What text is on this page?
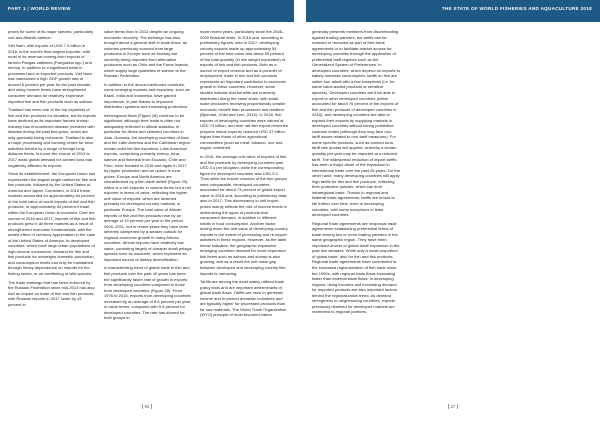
PART 1 | WORLD REVIEW	THE STATE OF WORLD FISHERIES AND AQUACULTURE 2018

prices for some of its major species, particularly cod and Atlantic salmon.

Viet Nam, with exports of USD 7.3 billion in 2016, is the world's third largest exporter, with most of its revenue coming from exports of farmed Pangas catfishes (Pangasius spp.) and shrimp, in addition to a significant trade in processed and re-exported products. Viet Nam has maintained a high GDP growth rate of around 6 percent per year for the past decade, and rising income levels have strengthened consumer demand for relatively expensive imported fish and fish products such as salmon.

Thailand has been one of the top exporters of fish and fish products for decades, but its exports have declined as its important farmed shrimp industry has encountered disease problems with disease during the past few years, which are only gradually being overcome. Thailand is also a major processing and canning centre for tuna, activities funded by a range of foreign long-distance fleets, but over the course of 2013 to 2017 weak global demand for canned tuna has negatively affected its exports.

Since its establishment, the European Union has represented the largest single market for fish and fish products, followed by the United States of America and Japan. Combined, in 2016 these markets accounted for approximately 64 percent of the total value of world imports of fish and fish products, or approximately 54 percent if trade within the European Union is excluded. Over the course of 2016 and 2017, imports of fish and fish products grew in all three markets as a result of strengthened economic fundamentals, with the added effect of currency appreciation in the case of the United States of America. In developed countries, which have large urban populations of high-income consumers, demand for fish and fish products for outweighs domestic production, and consumption levels can only be maintained through heavy dependence on imports for the fishing sector, or on overfishing of wild species.

The trade embargo that has been enforced by the Russian Federation since mid-2014 has also had an impact on trade of fish and fish products, with Russian imports in 2017 lower by 43 percent in

value terms than in 2013 despite an ongoing economic recovery. The embargo has also brought about a general shift in trade flows, as volumes previously sourced from large producers in Europe such as Norway are currently being imported from alternative producers such as Chile and the Faroe Islands, which supply large quantities of salmon to the Russian Federation.

In addition to the above-mentioned countries, some emerging markets and exporters, such as Brazil, India and Indonesia, have gained importance, in part thanks to improved distribution systems and increasing production.

Interregional flows (Figure 28) continue to be significant, although their trade is often not adequately reflected in official statistics, in particular for Africa and selected countries in Asia. Oceania, the developing countries of Asia and the Latin America and the Caribbean region remain solid net fish exporters. Latin American exports, comprising primarily shrimp, tuna, salmon and fishmeal from Ecuador, Chile and Peru, were boosted in 2016 and again in 2017 by higher production and an upturn in tuna prices. Europe and North America are characterized by a fish trade deficit (Figure 29). Africa is a net importer in volume terms but a net exporter in terms of value, reflecting the higher unit value of exports, which are destined primarily for developed country markets, in particular Europe. The total value of African imports of fish and fish products rose by an average of 19 percent per year in the period 2000–2011, but in recent years they have been severely dampened by a weaker outlook for regional economic growth in many African countries. African imports have relatively low value, consisting largely of cheaper small pelagic species such as mackerel, which represent an important source of dietary diversification.

A characterizing trend of global trade in fish and fish products over the past 40 years has been the significantly faster rate of growth in exports from developing countries compared to those from developed countries (Figure 28). From 1976 to 2016, exports from developing countries increased by an average of 8.6 percent per year, in value terms, compared with 5.6 percent for developed countries. The rate has slowed for both groups in

more recent years, particularly since the 2008–2009 financial crisis. In 2016 and, according to preliminary figures, also in 2017, developing country exports made up approximately 54 percent of the total value and about 59 percent of the total quantity (in live weight equivalent) of exports of fish and fish products. Both as a source of export revenue and as a provider of employment, trade in fish and fish products represents an important contributor to economic growth in these countries. However, some studies indicate that benefits are unevenly distributed along the value chain, with small-scale producers receiving proportionally smaller economic benefit than processors and retailers (Bjorndal, Child and Lem, 2014). In 2016, fish exports of developing countries were valued at USD 74 billion, and their net fish export revenues (exports minus imports) reached USD 37 billion, higher than those of other agricultural commodities (such as meat, tobacco, rice and sugar) combined.

In 2016, the average unit value of imports of fish and fish products by developing countries was USD 3.4 per kilogram, while the corresponding figure for developed countries was USD 5.1. Thus while the import volumes of the two groups were comparable, developed countries accounted for about 73 percent of global import value in 2016 and, according to preliminary data, also in 2017. This discrepancy in unit import prices mainly reflects the role of income levels in determining the types of products that consumers demand, in addition to different habits in food consumption. Another factor driving down the unit value of developing-country imports is the extent of processing and re-export activities in these regions. However, as the table below indicates, the geographic expansion emerging countries demand for more expensive fish items such as salmon and shrimp is also growing, and as a result the unit value gap between developed and developing country fish imports is narrowing.

Tariffs are among the most widely utilized trade policy tools and are important determinants of global trade flows. Tariffs are used to generate income and to protect domestic industries and are typically higher for processed products than for raw materials. The World Trade Organization (WTO) principle of most-favoured nation

generally presents members from discriminating against trading partners, but tariffs can be reduced or removed as part of free-trade agreements or to facilitate market access for developing countries through the application of preferential tariff regimes such as the Generalized System of Preferences. In developed countries, which depend on imports to satisfy domestic consumption, tariffs on fish are rather low, albeit with a few exceptions (i.e. for some value-added products or sensitive species). Developed countries are thus able to export to other developed countries (which accounted for about 76 percent of the exports of fish and fish products of developed countries in 2016), and developing countries are able to expand their exports by supplying markets in developed countries without facing prohibitive customs duties (although they may face non-tariff issues related to non-tariff measures). For some specific products, such as canned tuna, tariff rate quotas are applied, whereby a certain quantity per year may be imported at a reduced tariff. The widespread reduction of import tariffs has been a major driver of the expansion in international trade over the past 25 years. On the other hand, many developing countries still apply high tariffs for fish and fish products, reflecting their protective policies, which can limit intraregional trade. Thanks to regional and bilateral trade agreements, tariffs are bound to fall further over time, even in developing countries, with some exceptions in least developed countries.

Regional trade agreements are reciprocal trade agreements establishing preferential terms of trade among two or more trading partners in the same geographic region. They have been important drivers of global trade expansion in the past two decades. While only a small proportion of global trade, also for fish and fish products. Regional trade agreements have contributed to the increased regionalization of fish trade since the 1990s, with regional trade flows increasing faster than external trade flows. In developing regions, rising incomes and increasing demand for imported products are also important factors behind the regionalization trend. As demand strengthens in neighbouring countries, exports previously destined for developed markets are redirected to regional partners.

84	37
